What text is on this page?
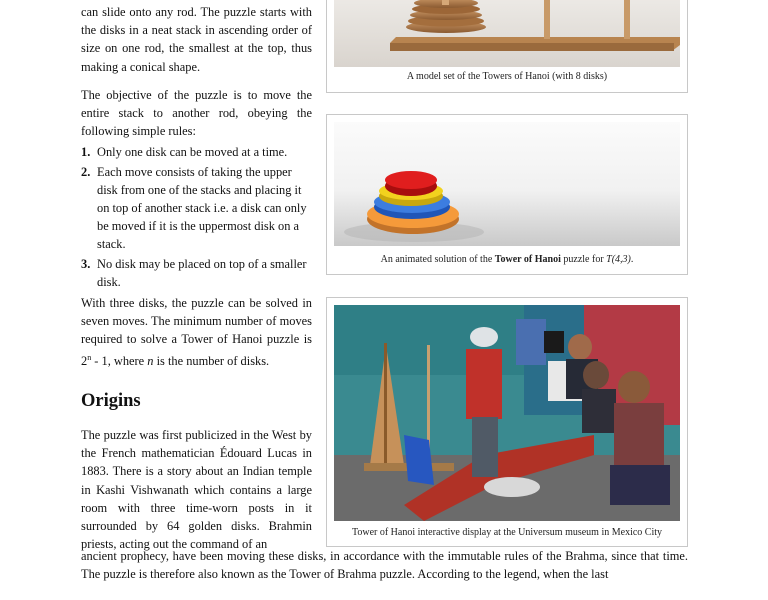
can slide onto any rod. The puzzle starts with the disks in a neat stack in ascending order of size on one rod, the smallest at the top, thus making a conical shape.

The objective of the puzzle is to move the entire stack to another rod, obeying the following simple rules:

1. Only one disk can be moved at a time.
2. Each move consists of taking the upper disk from one of the stacks and placing it on top of another stack i.e. a disk can only be moved if it is the uppermost disk on a stack.
3. No disk may be placed on top of a smaller disk.

With three disks, the puzzle can be solved in seven moves. The minimum number of moves required to solve a Tower of Hanoi puzzle is 2$^n$ - 1, where n is the number of disks.

Origins

The puzzle was first publicized in the West by the French mathematician Édouard Lucas in 1883. There is a story about an Indian temple in Kashi Vishwanath which contains a large room with three time-worn posts in it surrounded by 64 golden disks. Brahmin priests, acting out the command of an

ancient prophecy, have been moving these disks, in accordance with the immutable rules of the Brahma, since that time. The puzzle is therefore also known as the Tower of Brahma puzzle. According to the legend, when the last

A model set of the Towers of Hanoi (with 8 disks)
An animated solution of the Tower of Hanoi puzzle for T(4,3).
Tower of Hanoi interactive display at the Universum museum in Mexico City
